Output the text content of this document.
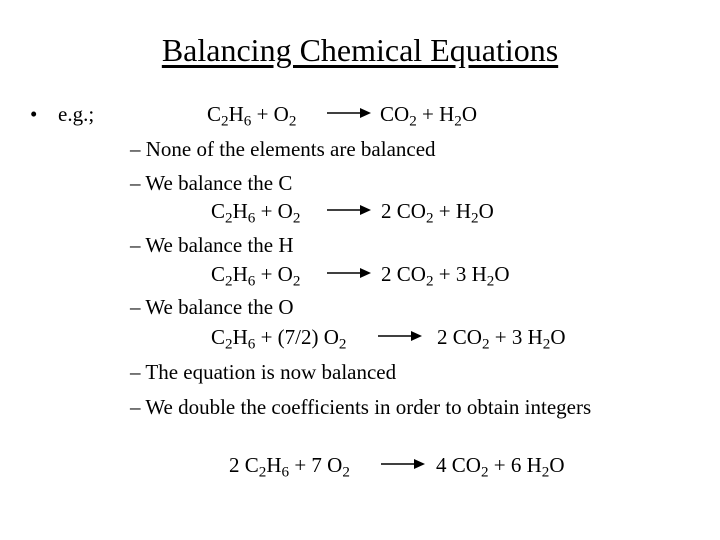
Balancing Chemical Equations
• e.g.;	$C_2H_6 + O_2 \to CO_2 + H_2O$
– None of the elements are balanced
– We balance the C
$C_2H_6 + O_2 \to 2$ $CO_2 + H_2O$
– We balance the H
$C_2H_6 + O_2 \to 2$ $CO_2 + 3$ $H_2O$
– We balance the O
$C_2H_6 + (7/2) O_2 \to 2$ $CO_2 + 3$ $H_2O$
– The equation is now balanced
– We double the coefficients in order to obtain integers
2 $C_2H_6 + 7$ $O_2 \to 4$ $CO_2 + 6$ $H_2O$
